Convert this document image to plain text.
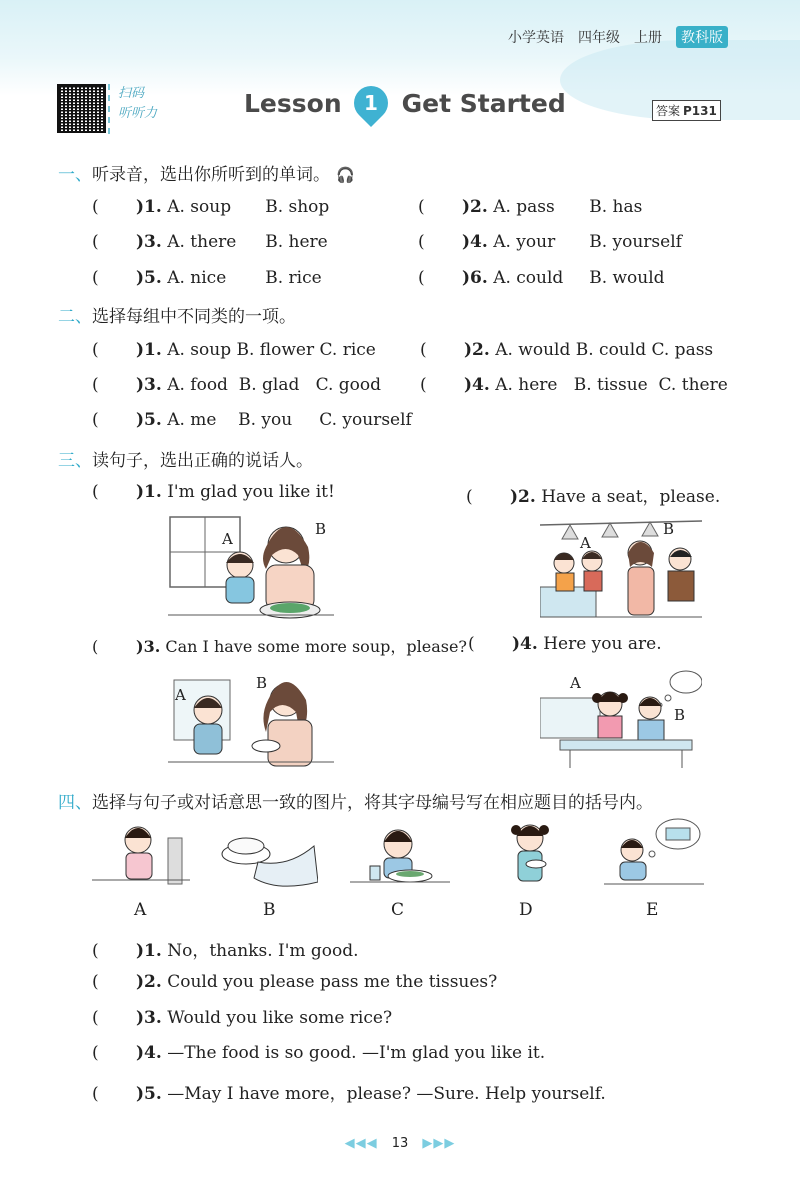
小学英语 四年级 上册	教科版
扫码
听听力	Lesson 1 Get Started	答案 P131
一、听录音，选出你所听到的单词。 🎧
( )1. A. soup B. shop	( )2. A. pass B. has
( )3. A. there B. here	( )4. A. your B. yourself
( )5. A. nice B. rice	( )6. A. could B. would
二、选择每组中不同类的一项。
( )1. A. soup B. flower C. rice	( )2. A. would B. could C. pass
( )3. A. food  B. glad   C. good ( )4. A. here   B. tissue  C. there
( )5. A. me    B. you     C. yourself
三、读句子，选出正确的说话人。
( )1. I'm glad you like it!	( )2. Have a seat，please.
A
B
A
B
( )3. Can I have some more soup，please? ( )4. Here you are.
A
B	A
B
四、选择与句子或对话意思一致的图片，将其字母编号写在相应题目的括号内。
A	B	C	D	E
( )1. No，thanks. I'm good.
( )2. Could you please pass me the tissues?
( )3. Would you like some rice?
( )4. —The food is so good. —I'm glad you like it.
( )5. —May I have more，please? —Sure. Help yourself.
◀◀◀ 13 ▶▶▶
